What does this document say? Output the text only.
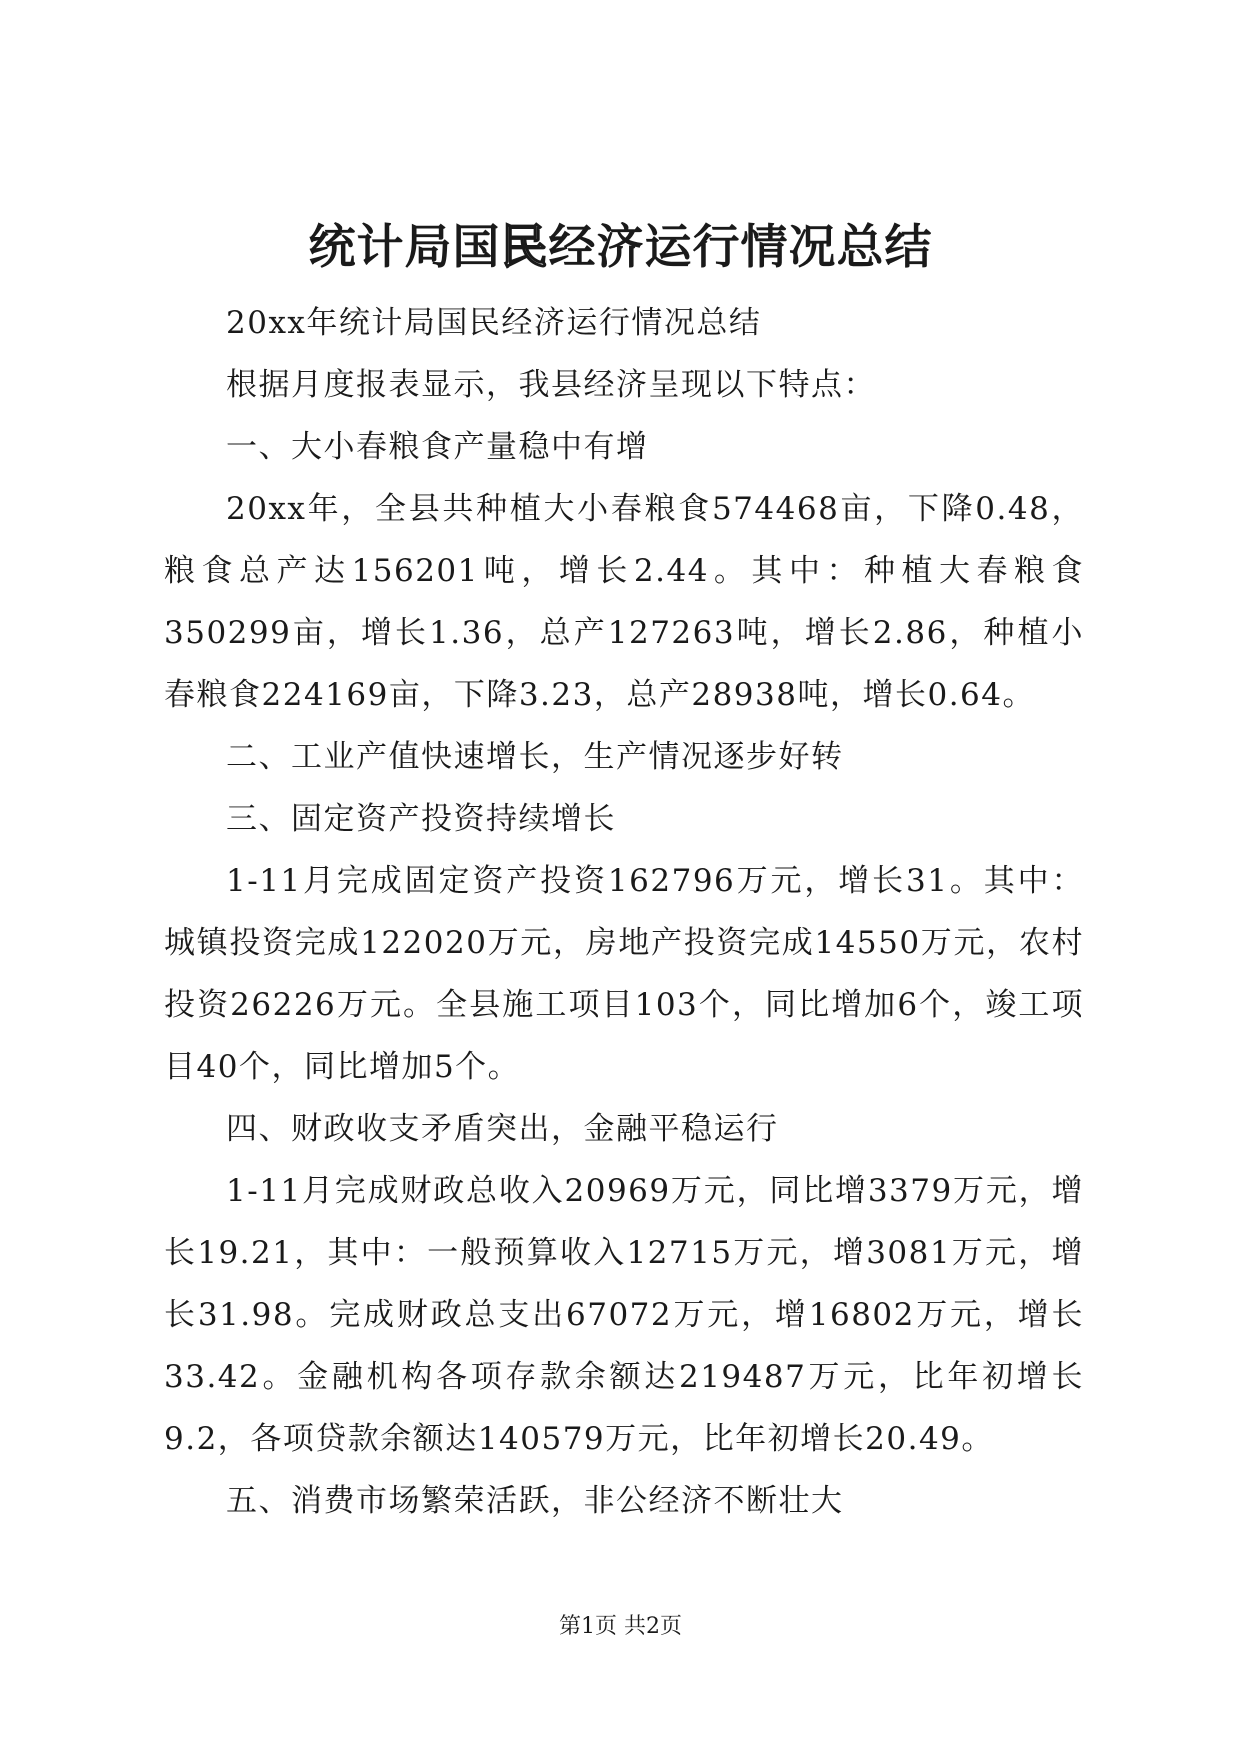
统计局国民经济运行情况总结

20xx年统计局国民经济运行情况总结

根据月度报表显示，我县经济呈现以下特点：

一、大小春粮食产量稳中有增

20xx年，全县共种植大小春粮食574468亩，下降0.48，粮食总产达156201吨，增长2.44。其中：种植大春粮食350299亩，增长1.36，总产127263吨，增长2.86，种植小春粮食224169亩，下降3.23，总产28938吨，增长0.64。

二、工业产值快速增长，生产情况逐步好转

三、固定资产投资持续增长

1-11月完成固定资产投资162796万元，增长31。其中：城镇投资完成122020万元，房地产投资完成14550万元，农村投资26226万元。全县施工项目103个，同比增加6个，竣工项目40个，同比增加5个。

四、财政收支矛盾突出，金融平稳运行

1-11月完成财政总收入20969万元，同比增3379万元，增长19.21，其中：一般预算收入12715万元，增3081万元，增长31.98。完成财政总支出67072万元，增16802万元，增长33.42。金融机构各项存款余额达219487万元，比年初增长9.2，各项贷款余额达140579万元，比年初增长20.49。

五、消费市场繁荣活跃，非公经济不断壮大

第1页 共2页
